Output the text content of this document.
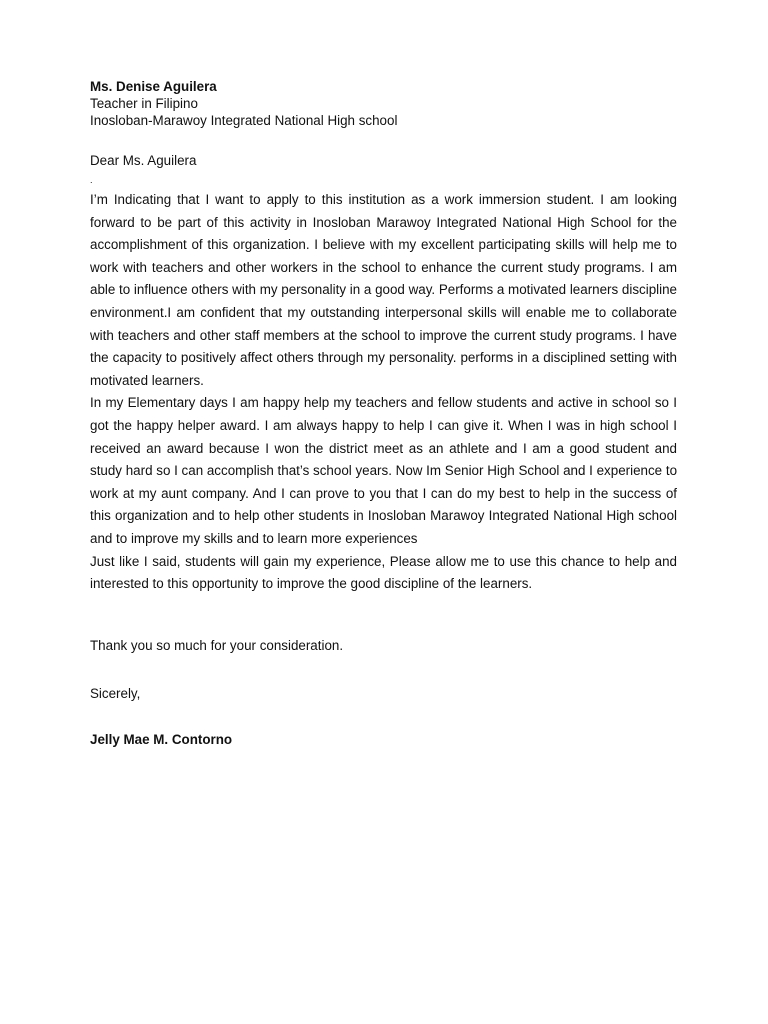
Ms. Denise Aguilera
Teacher in Filipino
Inosloban-Marawoy Integrated National High school
Dear Ms. Aguilera
.

I’m Indicating that I want to apply to this institution as a work immersion student. I am looking forward to be part of this activity in Inosloban Marawoy Integrated National High School for the accomplishment of this organization. I believe with my excellent participating skills will help me to work with teachers and other workers in the school to enhance the current study programs. I am able to influence others with my personality in a good way. Performs a motivated learners discipline environment.I am confident that my outstanding interpersonal skills will enable me to collaborate with teachers and other staff members at the school to improve the current study programs. I have the capacity to positively affect others through my personality. performs in a disciplined setting with motivated learners.

In my Elementary days I am happy help my teachers and fellow students and active in school so I got the happy helper award. I am always happy to help I can give it. When I was in high school I received an award because I won the district meet as an athlete and I am a good student and study hard so I can accomplish that’s school years. Now Im Senior High School and I experience to work at my aunt company. And I can prove to you that I can do my best to help in the success of this organization and to help other students in Inosloban Marawoy Integrated National High school and to improve my skills and to learn more experiences

Just like I said, students will gain my experience, Please allow me to use this chance to help and interested to this opportunity to improve the good discipline of the learners.

Thank you so much for your consideration.
Sicerely,
Jelly Mae M. Contorno
